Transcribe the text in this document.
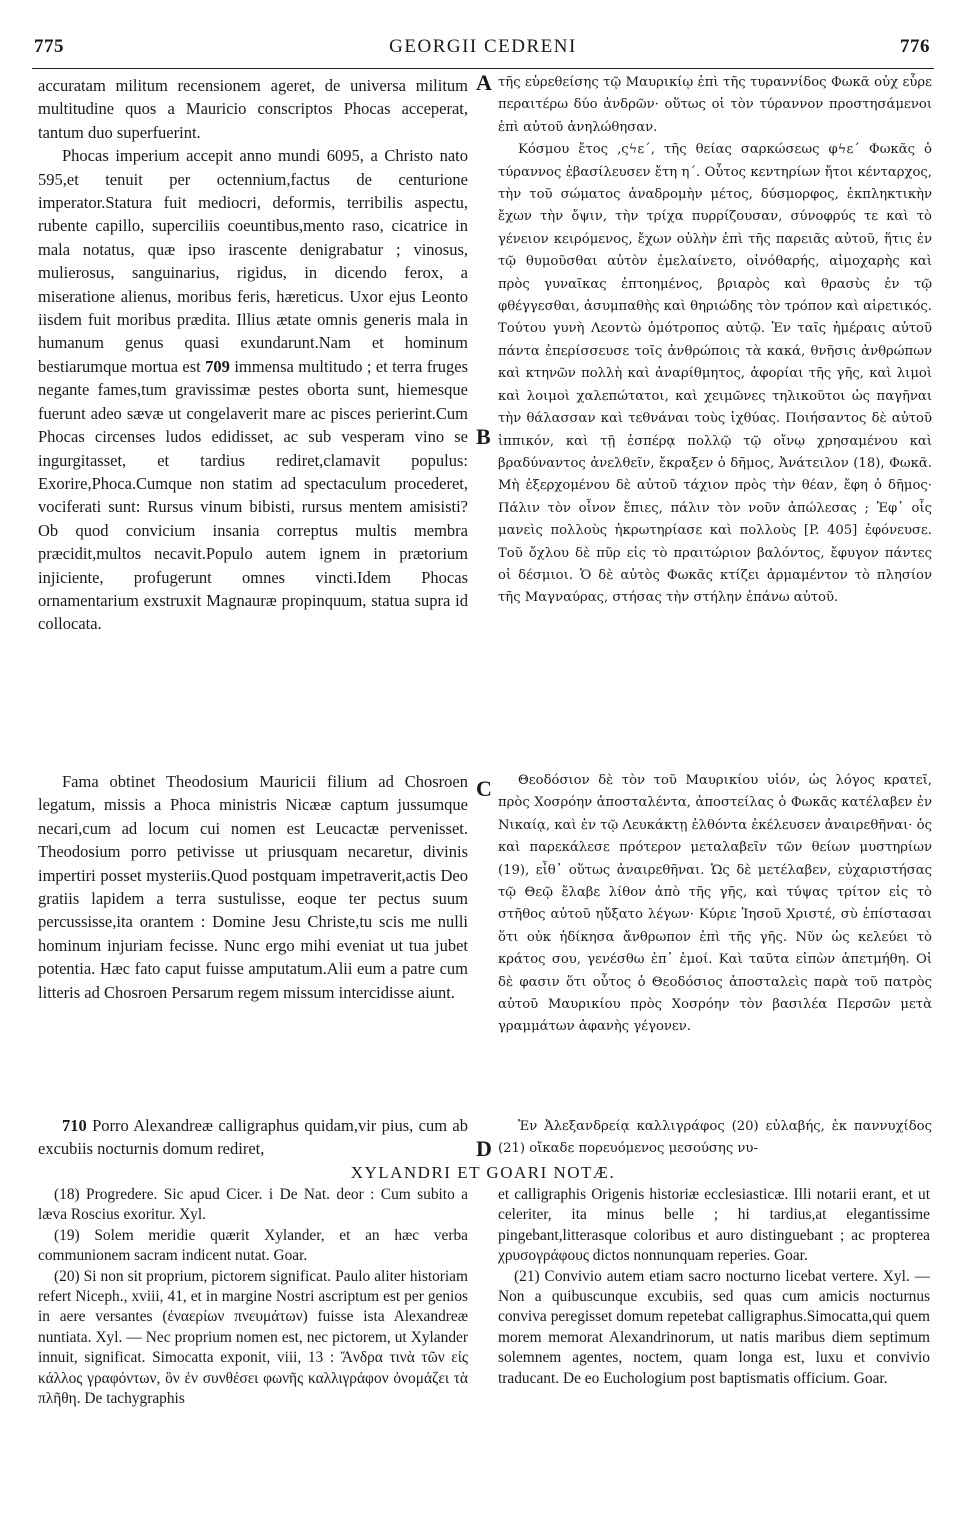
775	GEORGII CEDRENI	776
A
B
C
D

accuratam militum recensionem ageret, de universa militum multitudine quos a Mauricio conscriptos Phocas acceperat, tantum duo superfuerint.

Phocas imperium accepit anno mundi 6095, a Christo nato 595,et tenuit per octennium,factus de centurione imperator.Statura fuit mediocri, deformis, terribilis aspectu, rubente capillo, superciliis coeuntibus,mento raso, cicatrice in mala notatus, quæ ipso irascente denigrabatur ; vinosus, mulierosus, sanguinarius, rigidus, in dicendo ferox, a miseratione alienus, moribus feris, hæreticus. Uxor ejus Leonto iisdem fuit moribus prædita. Illius ætate omnis generis mala in humanum genus quasi exundarunt.Nam et hominum bestiarumque mortua est 709 immensa multitudo ; et terra fruges negante fames,tum gravissimæ pestes oborta sunt, hiemesque fuerunt adeo sævæ ut congelaverit mare ac pisces perierint.Cum Phocas circenses ludos edidisset, ac sub vesperam vino se ingurgitasset, et tardius rediret,clamavit populus: Exorire,Phoca.Cumque non statim ad spectaculum procederet, vociferati sunt: Rursus vinum bibisti, rursus mentem amisisti? Ob quod convicium insania correptus multis membra præcidit,multos necavit.Populo autem ignem in prætorium injiciente, profugerunt omnes vincti.Idem Phocas ornamentarium exstruxit Magnauræ propinquum, statua supra id collocata.

Fama obtinet Theodosium Mauricii filium ad Chosroen legatum, missis a Phoca ministris Nicææ captum jussumque necari,cum ad locum cui nomen est Leucactæ pervenisset. Theodosium porro petivisse ut priusquam necaretur, divinis impertiri posset mysteriis.Quod postquam impetraverit,actis Deo gratiis lapidem a terra sustulisse, eoque ter pectus suum percussisse,ita orantem : Domine Jesu Christe,tu scis me nulli hominum injuriam fecisse. Nunc ergo mihi eveniat ut tua jubet potentia. Hæc fato caput fuisse amputatum.Alii eum a patre cum litteris ad Chosroen Persarum regem missum intercidisse aiunt.

710 Porro Alexandreæ calligraphus quidam,vir pius, cum ab excubiis nocturnis domum rediret,

τῆς εὑρεθείσης τῷ Μαυρικίῳ ἐπὶ τῆς τυραννίδος Φωκᾶ οὐχ εὗρε περαιτέρω δύο ἀνδρῶν· οὕτως οἱ τὸν τύραννον προστησάμενοι ἐπὶ αὐτοῦ ἀνηλώθησαν.

Κόσμου ἔτος ‚ςϟε΄, τῆς θείας σαρκώσεως φϟε΄ Φωκᾶς ὁ τύραννος ἐβασίλευσεν ἔτη η΄. Οὗτος κεντηρίων ἤτοι κένταρχος, τὴν τοῦ σώματος ἀναδρομὴν μέτος, δύσμορφος, ἐκπληκτικὴν ἔχων τὴν ὄψιν, τὴν τρίχα πυρρίζουσαν, σύνοφρύς τε καὶ τὸ γένειον κειρόμενος, ἔχων οὐλὴν ἐπὶ τῆς παρειᾶς αὐτοῦ, ἥτις ἐν τῷ θυμοῦσθαι αὐτὸν ἐμελαίνετο, οἰνόθαρής, αἱμοχαρὴς καὶ πρὸς γυναῖκας ἐπτοημένος, βριαρὸς καὶ θρασὺς ἐν τῷ φθέγγεσθαι, ἀσυμπαθὴς καὶ θηριώδης τὸν τρόπον καὶ αἱρετικός. Τούτου γυνὴ Λεοντὼ ὁμότροπος αὐτῷ. Ἐν ταῖς ἡμέραις αὐτοῦ πάντα ἐπερίσσευσε τοῖς ἀνθρώποις τὰ κακά, θνῆσις ἀνθρώπων καὶ κτηνῶν πολλὴ καὶ ἀναρίθμητος, ἀφορίαι τῆς γῆς, καὶ λιμοὶ καὶ λοιμοὶ χαλεπώτατοι, καὶ χειμῶνες τηλικοῦτοι ὡς παγῆναι τὴν θάλασσαν καὶ τεθνάναι τοὺς ἰχθύας. Ποιήσαντος δὲ αὐτοῦ ἱππικόν, καὶ τῇ ἑσπέρᾳ πολλῷ τῷ οἴνῳ χρησαμένου καὶ βραδύναντος ἀνελθεῖν, ἔκραξεν ὁ δῆμος, Ἀνάτειλον (18), Φωκᾶ. Μὴ ἐξερχομένου δὲ αὐτοῦ τάχιον πρὸς τὴν θέαν, ἔφη ὁ δῆμος· Πάλιν τὸν οἶνον ἔπιες, πάλιν τὸν νοῦν ἀπώλεσας ; Ἐφ᾽ οἷς μανεὶς πολλοὺς ἠκρωτηρίασε καὶ πολλοὺς [P. 405] ἐφόνευσε. Τοῦ ὄχλου δὲ πῦρ εἰς τὸ πραιτώριον βαλόντος, ἔφυγον πάντες οἱ δέσμιοι. Ὁ δὲ αὐτὸς Φωκᾶς κτίζει ἁρμαμέντον τὸ πλησίον τῆς Μαγναύρας, στήσας τὴν στήλην ἐπάνω αὐτοῦ.

Θεοδόσιον δὲ τὸν τοῦ Μαυρικίου υἱόν, ὡς λόγος κρατεῖ, πρὸς Χοσρόην ἀποσταλέντα, ἀποστείλας ὁ Φωκᾶς κατέλαβεν ἐν Νικαίᾳ, καὶ ἐν τῷ Λευκάκτῃ ἐλθόντα ἐκέλευσεν ἀναιρεθῆναι· ὁς καὶ παρεκάλεσε πρότερον μεταλαβεῖν τῶν θείων μυστηρίων (19), εἶθ᾽ οὕτως ἀναιρεθῆναι. Ὡς δὲ μετέλαβεν, εὐχαριστήσας τῷ Θεῷ ἔλαβε λίθον ἀπὸ τῆς γῆς, καὶ τύψας τρίτον εἰς τὸ στῆθος αὐτοῦ ηὔξατο λέγων· Κύριε Ἰησοῦ Χριστέ, σὺ ἐπίστασαι ὅτι οὐκ ἠδίκησα ἄνθρωπον ἐπὶ τῆς γῆς. Νῦν ὡς κελεύει τὸ κράτος σου, γενέσθω ἐπ᾽ ἐμοί. Καὶ ταῦτα εἰπὼν ἀπετμήθη. Οἱ δὲ φασιν ὅτι οὗτος ὁ Θεοδόσιος ἀποσταλεὶς παρὰ τοῦ πατρὸς αὐτοῦ Μαυρικίου πρὸς Χοσρόην τὸν βασιλέα Περσῶν μετὰ γραμμάτων ἀφανὴς γέγονεν.

Ἐν Ἀλεξανδρείᾳ καλλιγράφος (20) εὐλαβής, ἐκ παννυχίδος (21) οἴκαδε πορευόμενος μεσούσης νυ-

XYLANDRI ET GOARI NOTÆ.

(18) Progredere. Sic apud Cicer. i De Nat. deor : Cum subito a læva Roscius exoritur. Xyl.

(19) Solem meridie quærit Xylander, et an hæc verba communionem sacram indicent nutat. Goar.

(20) Si non sit proprium, pictorem significat. Paulo aliter historiam refert Niceph., xviii, 41, et in margine Nostri ascriptum est per genios in aere versantes (ἐναερίων πνευμάτων) fuisse ista Alexandreæ nuntiata. Xyl. — Nec proprium nomen est, nec pictorem, ut Xylander innuit, significat. Simocatta exponit, viii, 13 : Ἄνδρα τινὰ τῶν εἰς κάλλος γραφόντων, ὃν ἐν συνθέσει φωνῆς καλλιγράφον ὀνομάζει τὰ πλῆθη. De tachygraphis

et calligraphis Origenis historiæ ecclesiasticæ. Illi notarii erant, et ut celeriter, ita minus belle ; hi tardius,at elegantissime pingebant,litterasque coloribus et auro distinguebant ; ac propterea χρυσογράφους dictos nonnunquam reperies. Goar.

(21) Convivio autem etiam sacro nocturno licebat vertere. Xyl. — Non a quibuscunque excubiis, sed quas cum amicis nocturnus conviva peregisset domum repetebat calligraphus.Simocatta,qui quem morem memorat Alexandrinorum, ut natis maribus diem septimum solemnem agentes, noctem, quam longa est, luxu et convivio traducant. De eo Euchologium post baptismatis officium. Goar.
